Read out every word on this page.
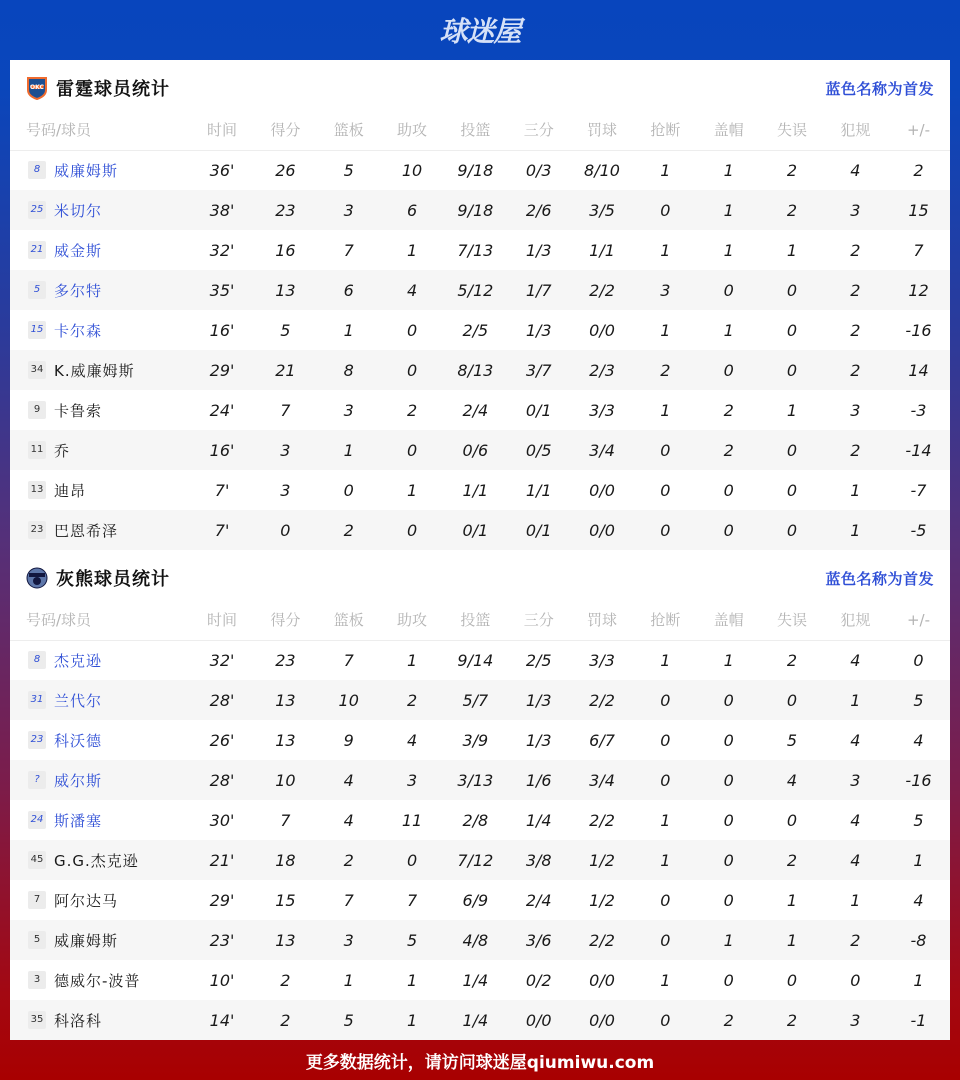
球迷屋
OKC 雷霆球员统计	蓝色名称为首发
号码/球员	时间	得分	篮板	助攻	投篮	三分	罚球	抢断	盖帽	失误	犯规	+/-
8 威廉姆斯	36'	26	5	10	9/18	0/3	8/10	1	1	2	4	2
25 米切尔	38'	23	3	6	9/18	2/6	3/5	0	1	2	3	15
21 威金斯	32'	16	7	1	7/13	1/3	1/1	1	1	1	2	7
5 多尔特	35'	13	6	4	5/12	1/7	2/2	3	0	0	2	12
15 卡尔森	16'	5	1	0	2/5	1/3	0/0	1	1	0	2	-16
34 K.威廉姆斯	29'	21	8	0	8/13	3/7	2/3	2	0	0	2	14
9 卡鲁索	24'	7	3	2	2/4	0/1	3/3	1	2	1	3	-3
11 乔	16'	3	1	0	0/6	0/5	3/4	0	2	0	2	-14
13 迪昂	7'	3	0	1	1/1	1/1	0/0	0	0	0	1	-7
23 巴恩希泽	7'	0	2	0	0/1	0/1	0/0	0	0	0	1	-5
灰熊球员统计	蓝色名称为首发
号码/球员	时间	得分	篮板	助攻	投篮	三分	罚球	抢断	盖帽	失误	犯规	+/-
8 杰克逊	32'	23	7	1	9/14	2/5	3/3	1	1	2	4	0
31 兰代尔	28'	13	10	2	5/7	1/3	2/2	0	0	0	1	5
23 科沃德	26'	13	9	4	3/9	1/3	6/7	0	0	5	4	4
? 威尔斯	28'	10	4	3	3/13	1/6	3/4	0	0	4	3	-16
24 斯潘塞	30'	7	4	11	2/8	1/4	2/2	1	0	0	4	5
45 G.G.杰克逊	21'	18	2	0	7/12	3/8	1/2	1	0	2	4	1
7 阿尔达马	29'	15	7	7	6/9	2/4	1/2	0	0	1	1	4
5 威廉姆斯	23'	13	3	5	4/8	3/6	2/2	0	1	1	2	-8
3 德威尔-波普	10'	2	1	1	1/4	0/2	0/0	1	0	0	0	1
35 科洛科	14'	2	5	1	1/4	0/0	0/0	0	2	2	3	-1
更多数据统计，请访问球迷屋qiumiwu.com
